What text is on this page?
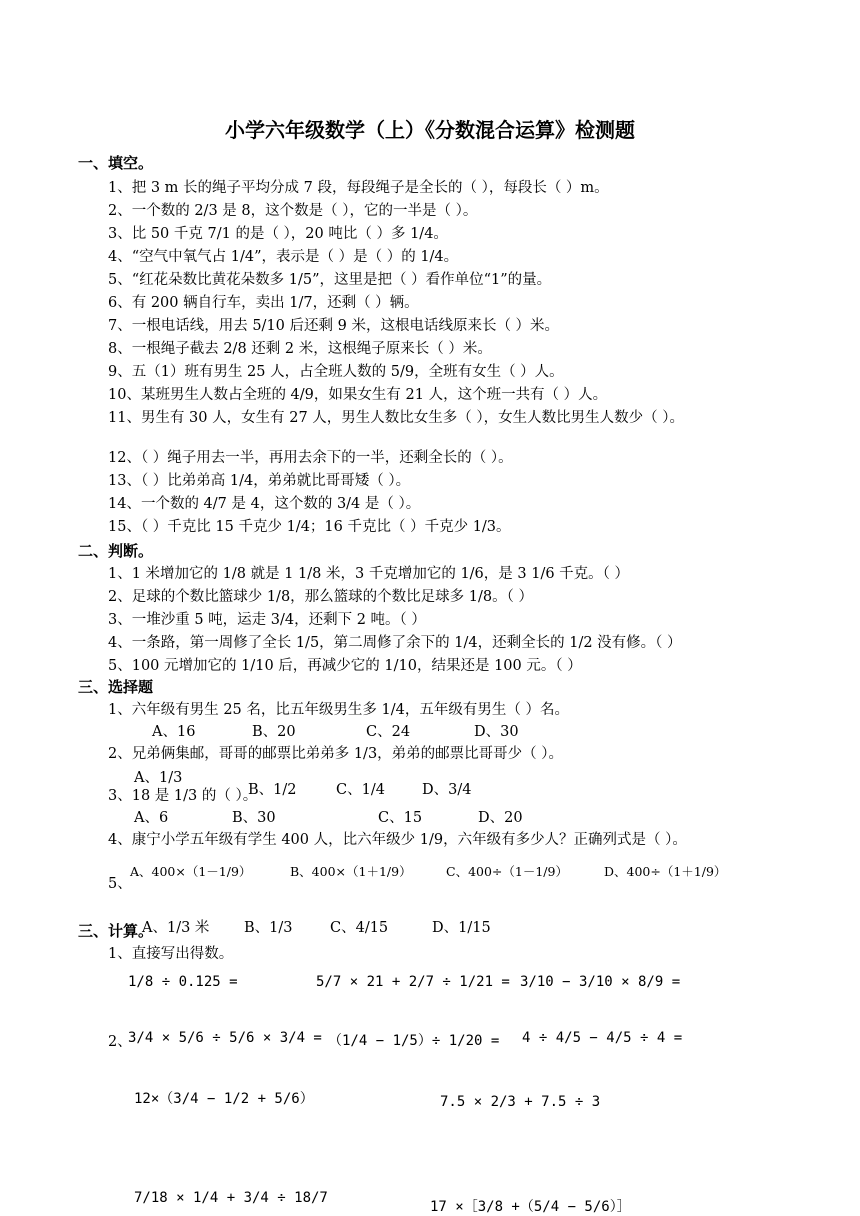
小学六年级数学（上）《分数混合运算》检测题
一、填空。
1、把 3 m 长的绳子平均分成 7 段，每段绳子是全长的（ ），每段长（ ）m。
2、一个数的 2/3 是 8，这个数是（ ），它的一半是（ ）。
3、比 50 千克 7/1 的是（ ），20 吨比（ ）多 1/4。
4、“空气中氧气占 1/4”，表示是（ ）是（ ）的 1/4。
5、“红花朵数比黄花朵数多 1/5”，这里是把（ ）看作单位“1”的量。
6、有 200 辆自行车，卖出 1/7，还剩（ ）辆。
7、一根电话线，用去 5/10 后还剩 9 米，这根电话线原来长（ ）米。
8、一根绳子截去 2/8 还剩 2 米，这根绳子原来长（ ）米。
9、五（1）班有男生 25 人，占全班人数的 5/9，全班有女生（ ）人。
10、某班男生人数占全班的 4/9，如果女生有 21 人，这个班一共有（ ）人。
11、男生有 30 人，女生有 27 人，男生人数比女生多（ ），女生人数比男生人数少（ ）。
12、（ ）绳子用去一半，再用去余下的一半，还剩全长的（ ）。
13、（ ）比弟弟高 1/4，弟弟就比哥哥矮（ ）。
14、一个数的 4/7 是 4，这个数的 3/4 是（ ）。
15、（ ）千克比 15 千克少 1/4；16 千克比（ ）千克少 1/3。
二、判断。
1、1 米增加它的 1/8 就是 1 1/8 米，3 千克增加它的 1/6，是 3 1/6 千克。（ ）
2、足球的个数比篮球少 1/8，那么篮球的个数比足球多 1/8。（ ）
3、一堆沙重 5 吨，运走 3/4，还剩下 2 吨。（ ）
4、一条路，第一周修了全长 1/5，第二周修了余下的 1/4，还剩全长的 1/2 没有修。（ ）
5、100 元增加它的 1/10 后，再减少它的 1/10，结果还是 100 元。（ ）
三、选择题
1、六年级有男生 25 名，比五年级男生多 1/4，五年级有男生（ ）名。
A、16	B、20	C、24	D、30
2、兄弟俩集邮，哥哥的邮票比弟弟多 1/3，弟弟的邮票比哥哥少（ ）。
A、1/3
B、1/2	C、1/4	D、3/4
3、18 是 1/3 的（ ）。
A、6	B、30	C、15	D、20
4、康宁小学五年级有学生 400 人，比六年级少 1/9，六年级有多少人？正确列式是（ ）。
A、400×（1－1/9）	B、400×（1＋1/9）	C、400÷（1－1/9）	D、400÷（1＋1/9）
5、
A、1/3 米 B、1/3	C、4/15	D、1/15
三、计算。
1、直接写出得数。
1/8 ÷ 0.125 =	5/7 × 21 + 2/7 ÷ 1/21 = 3/10 − 3/10 × 8/9 =
2、
3/4 × 5/6 ÷ 5/6 × 3/4 = （1/4 − 1/5）÷ 1/20 = 4 ÷ 4/5 − 4/5 ÷ 4 =
12×（3/4 − 1/2 + 5/6）	7.5 × 2/3 + 7.5 ÷ 3
7/18 × 1/4 + 3/4 ÷ 18/7
17 ×［3/8 +（5/4 − 5/6）］
